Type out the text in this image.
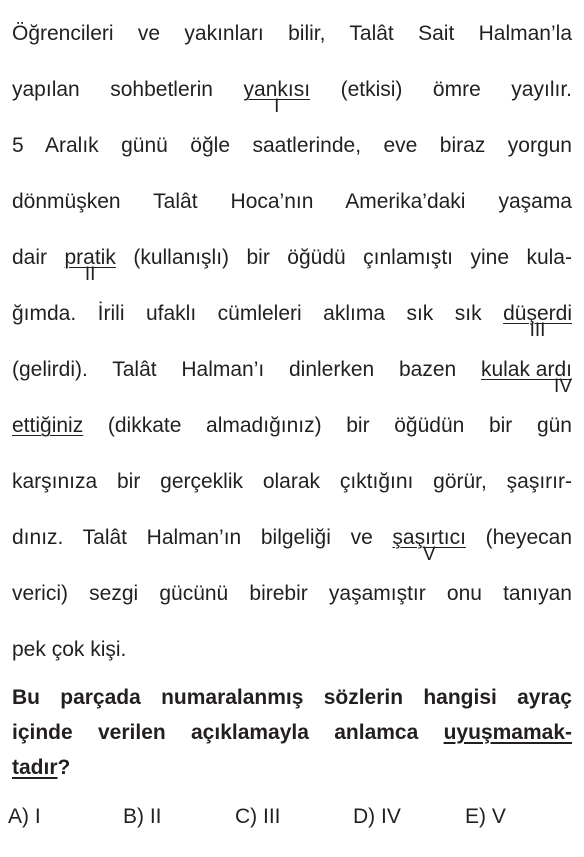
Öğrencileri ve yakınları bilir, Talât Sait Halman’la
yapılan sohbetlerin yankısı
I
(etkisi) ömre yayılır.
5 Aralık günü öğle saatlerinde, eve biraz yorgun
dönmüşken Talât Hoca’nın Amerika’daki yaşama
dair pratik
II
(kullanışlı) bir öğüdü çınlamıştı yine kula-
ğımda. İrili ufaklı cümleleri aklıma sık sık düşerdi
III
(gelirdi). Talât Halman’ı dinlerken bazen kulak ardı
IV
ettiğiniz (dikkate almadığınız) bir öğüdün bir gün
karşınıza bir gerçeklik olarak çıktığını görür, şaşırır-
dınız. Talât Halman’ın bilgeliği ve şaşırtıcı
V
(heyecan
verici) sezgi gücünü birebir yaşamıştır onu tanıyan
pek çok kişi.
Bu parçada numaralanmış sözlerin hangisi ayraç
içinde verilen açıklamayla anlamca uyuşmamak-
tadır?
A) I	B) II	C) III	D) IV	E) V
